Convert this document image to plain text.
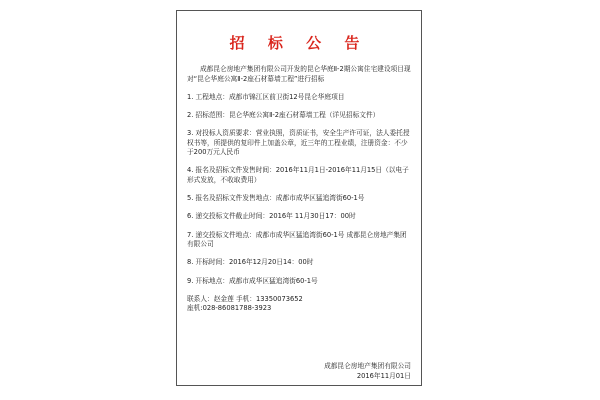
招 标 公 告

成都昆仑房地产集团有限公司开发的昆仑华庭Ⅱ-2期公寓住宅建设项目现对“昆仑华庭公寓Ⅱ-2座石材幕墙工程”进行招标

1. 工程地点：成都市锦江区前卫街12号昆仑华庭项目

2. 招标范围：昆仑华庭公寓Ⅱ-2座石材幕墙工程（详见招标文件）

3. 对投标人资质要求：营业执照，资质证书，安全生产许可证，法人委托授权书等，所提供的复印件上加盖公章，近三年的工程业绩，注册资金：不少于200万元人民币

4. 报名及招标文件发售时间：2016年11月1日-2016年11月15日（以电子形式发放，不收取费用）

5. 报名及招标文件发售地点：成都市成华区猛追湾街60-1号

6. 递交投标文件截止时间：2016年 11月30日17：00时

7. 递交投标文件地点：成都市成华区猛追湾街60-1号 成都昆仑房地产集团有限公司

8. 开标时间：2016年12月20日14：00时

9. 开标地点：成都市成华区猛追湾街60-1号

联系人：赵金莲 手机：13350073652

座机:028-86081788-3923

成都昆仑房地产集团有限公司
2016年11月01日
